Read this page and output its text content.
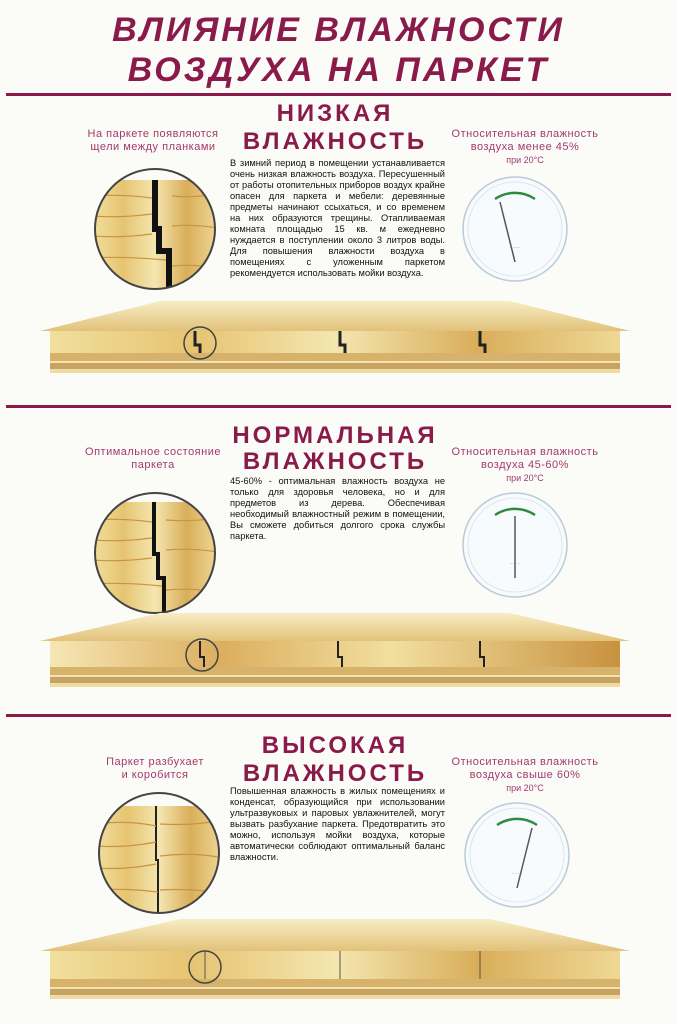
ВЛИЯНИЕ ВЛАЖНОСТИ
ВОЗДУХА НА ПАРКЕТ
НИЗКАЯ
ВЛАЖНОСТЬ
На паркете появляются
щели между планками
Относительная влажность
воздуха менее 45%
при 20°С
В зимний период в помещении устанавливается очень низкая влажность воздуха. Пересушенный от работы отопительных приборов воздух крайне опасен для паркета и мебели: деревянные предметы начинают ссыхаться, и со временем на них образуются трещины. Отапливаемая комната площадью 15 кв. м ежедневно нуждается в поступлении около 3 литров воды. Для повышения влажности воздуха в помещениях с уложенным паркетом рекомендуется использовать мойки воздуха.
·······
НОРМАЛЬНАЯ
ВЛАЖНОСТЬ
Оптимальное состояние
паркета
Относительная влажность
воздуха 45-60%
при 20°С
45-60% - оптимальная влажность воздуха не только для здоровья человека, но и для предметов из дерева. Обеспечивая необходимый влажностный режим в помещении, Вы сможете добиться долгого срока службы паркета.
·······
ВЫСОКАЯ
ВЛАЖНОСТЬ
Паркет разбухает
и коробится
Относительная влажность
воздуха свыше 60%
при 20°С
Повышенная влажность в жилых помещениях и конденсат, образующийся при использовании ультразвуковых и паровых увлажнителей, могут вызвать разбухание паркета. Предотвратить это можно, используя мойки воздуха, которые автоматически соблюдают оптимальный баланс влажности.
·······
